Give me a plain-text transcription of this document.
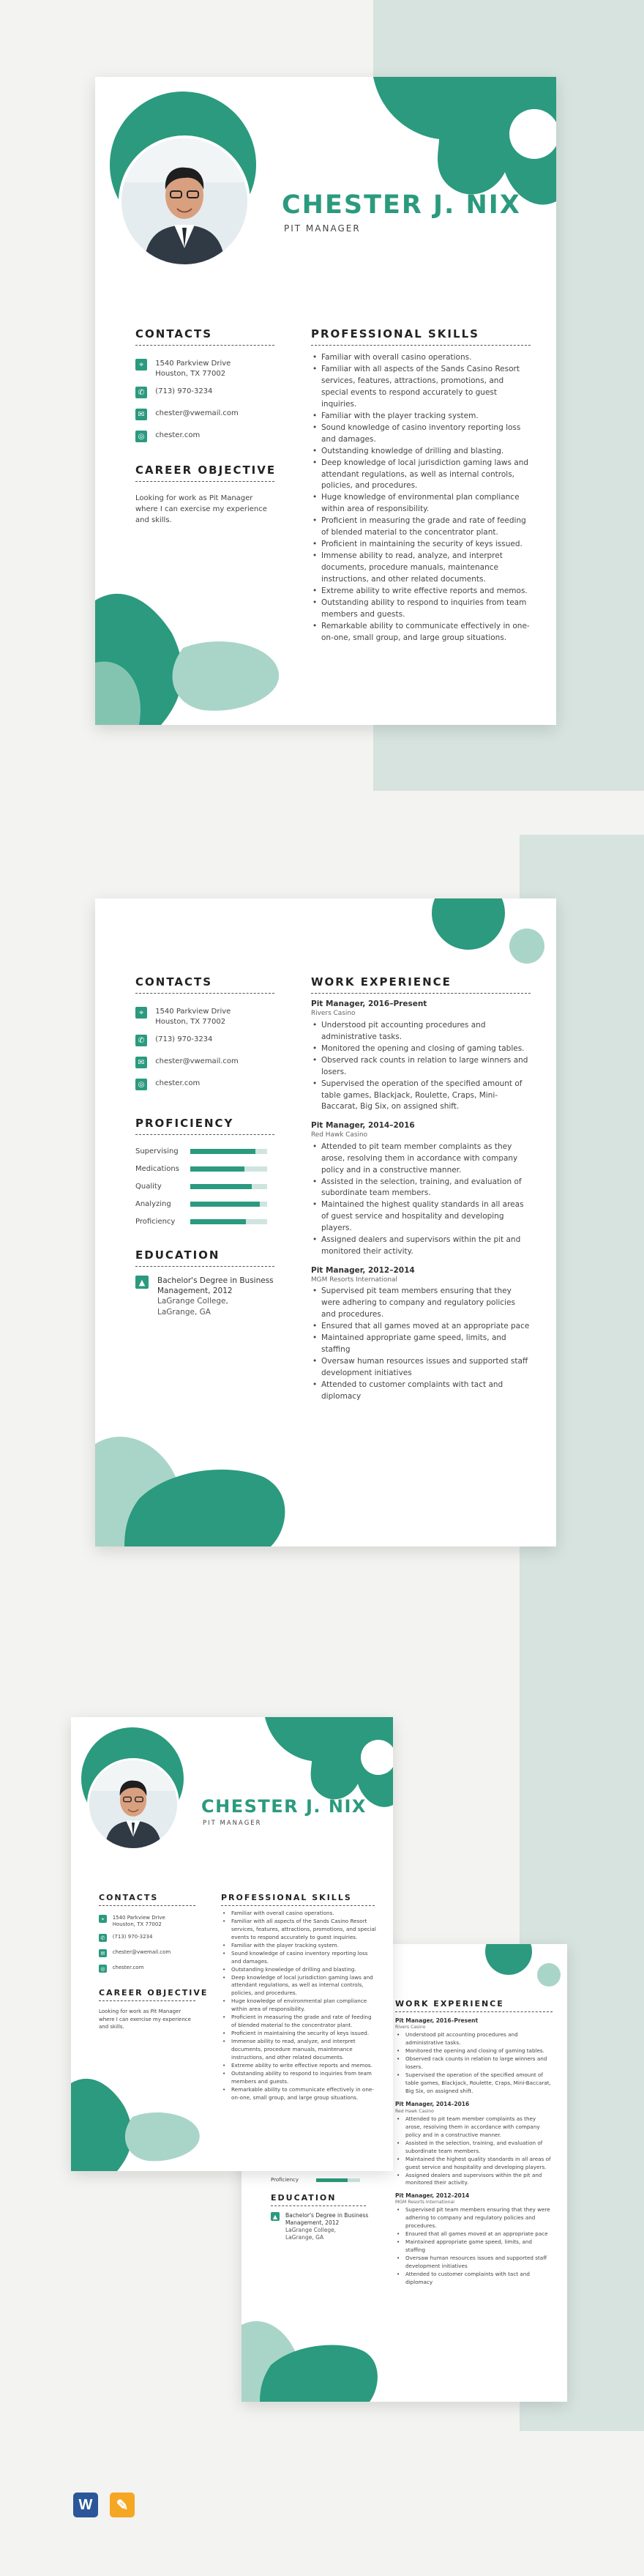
CHESTER J. NIX
PIT MANAGER
CONTACTS
CAREER OBJECTIVE
Looking for work as Pit Manager where I can exercise my experience and skills.
PROFESSIONAL SKILLS
• Familiar with overall casino operations.
• Familiar with all aspects of the Sands Casino Resort services, features, attractions, promotions, and special events to respond accurately to guest inquiries.
• Familiar with the player tracking system.
• Sound knowledge of casino inventory reporting loss and damages.
• Outstanding knowledge of drilling and blasting.
• Deep knowledge of local jurisdiction gaming laws and attendant regulations, as well as internal controls, policies, and procedures.
• Huge knowledge of environmental plan compliance within area of responsibility.
• Proficient in measuring the grade and rate of feeding of blended material to the concentrator plant.
• Proficient in maintaining the security of keys issued.
• Immense ability to read, analyze, and interpret documents, procedure manuals, maintenance instructions, and other related documents.
• Extreme ability to write effective reports and memos.
• Outstanding ability to respond to inquiries from team members and guests.
• Remarkable ability to communicate effectively in one-on-one, small group, and large group situations.
⌖	1540 Parkview Drive
Houston, TX 77002
✆	(713) 970-3234
✉	chester@vwemail.com
◎	chester.com
CONTACTS
PROFICIENCY
EDUCATION
▲	Bachelor's Degree in Business Management, 2012
LaGrange College,
LaGrange, GA
WORK EXPERIENCE
⌖	1540 Parkview Drive
Houston, TX 77002
✆	(713) 970-3234
✉	chester@vwemail.com
◎	chester.com
Pit Manager, 2016–Present
Rivers Casino
• Understood pit accounting procedures and administrative tasks.
• Monitored the opening and closing of gaming tables.
• Observed rack counts in relation to large winners and losers.
• Supervised the operation of the specified amount of table games, Blackjack, Roulette, Craps, Mini-Baccarat, Big Six, on assigned shift.
Pit Manager, 2014–2016
Red Hawk Casino
• Attended to pit team member complaints as they arose, resolving them in accordance with company policy and in a constructive manner.
• Assisted in the selection, training, and evaluation of subordinate team members.
• Maintained the highest quality standards in all areas of guest service and hospitality and developing players.
• Assigned dealers and supervisors within the pit and monitored their activity.
Pit Manager, 2012–2014
MGM Resorts International
• Supervised pit team members ensuring that they were adhering to company and regulatory policies and procedures.
• Ensured that all games moved at an appropriate pace
• Maintained appropriate game speed, limits, and staffing
• Oversaw human resources issues and supported staff development initiatives
• Attended to customer complaints with tact and diplomacy
Supervising
Medications
Quality
Analyzing
Proficiency
EDUCATION
▲	Bachelor's Degree in Business Management, 2012
LaGrange College,
LaGrange, GA
Proficiency
WORK EXPERIENCE
Pit Manager, 2016–Present
Rivers Casino
• Understood pit accounting procedures and administrative tasks.
• Monitored the opening and closing of gaming tables.
• Observed rack counts in relation to large winners and losers.
• Supervised the operation of the specified amount of table games, Blackjack, Roulette, Craps, Mini-Baccarat, Big Six, on assigned shift.
Pit Manager, 2014–2016
Red Hawk Casino
• Attended to pit team member complaints as they arose, resolving them in accordance with company policy and in a constructive manner.
• Assisted in the selection, training, and evaluation of subordinate team members.
• Maintained the highest quality standards in all areas of guest service and hospitality and developing players.
• Assigned dealers and supervisors within the pit and monitored their activity.
Pit Manager, 2012–2014
MGM Resorts International
• Supervised pit team members ensuring that they were adhering to company and regulatory policies and procedures.
• Ensured that all games moved at an appropriate pace
• Maintained appropriate game speed, limits, and staffing
• Oversaw human resources issues and supported staff development initiatives
• Attended to customer complaints with tact and diplomacy
CHESTER J. NIX
PIT MANAGER
CONTACTS
CAREER OBJECTIVE
Looking for work as Pit Manager where I can exercise my experience and skills.
PROFESSIONAL SKILLS
• Familiar with overall casino operations.
• Familiar with all aspects of the Sands Casino Resort services, features, attractions, promotions, and special events to respond accurately to guest inquiries.
• Familiar with the player tracking system.
• Sound knowledge of casino inventory reporting loss and damages.
• Outstanding knowledge of drilling and blasting.
• Deep knowledge of local jurisdiction gaming laws and attendant regulations, as well as internal controls, policies, and procedures.
• Huge knowledge of environmental plan compliance within area of responsibility.
• Proficient in measuring the grade and rate of feeding of blended material to the concentrator plant.
• Proficient in maintaining the security of keys issued.
• Immense ability to read, analyze, and interpret documents, procedure manuals, maintenance instructions, and other related documents.
• Extreme ability to write effective reports and memos.
• Outstanding ability to respond to inquiries from team members and guests.
• Remarkable ability to communicate effectively in one-on-one, small group, and large group situations.
⌖	1540 Parkview Drive
Houston, TX 77002
✆	(713) 970-3234
✉	chester@vwemail.com
◎	chester.com
W	✎
